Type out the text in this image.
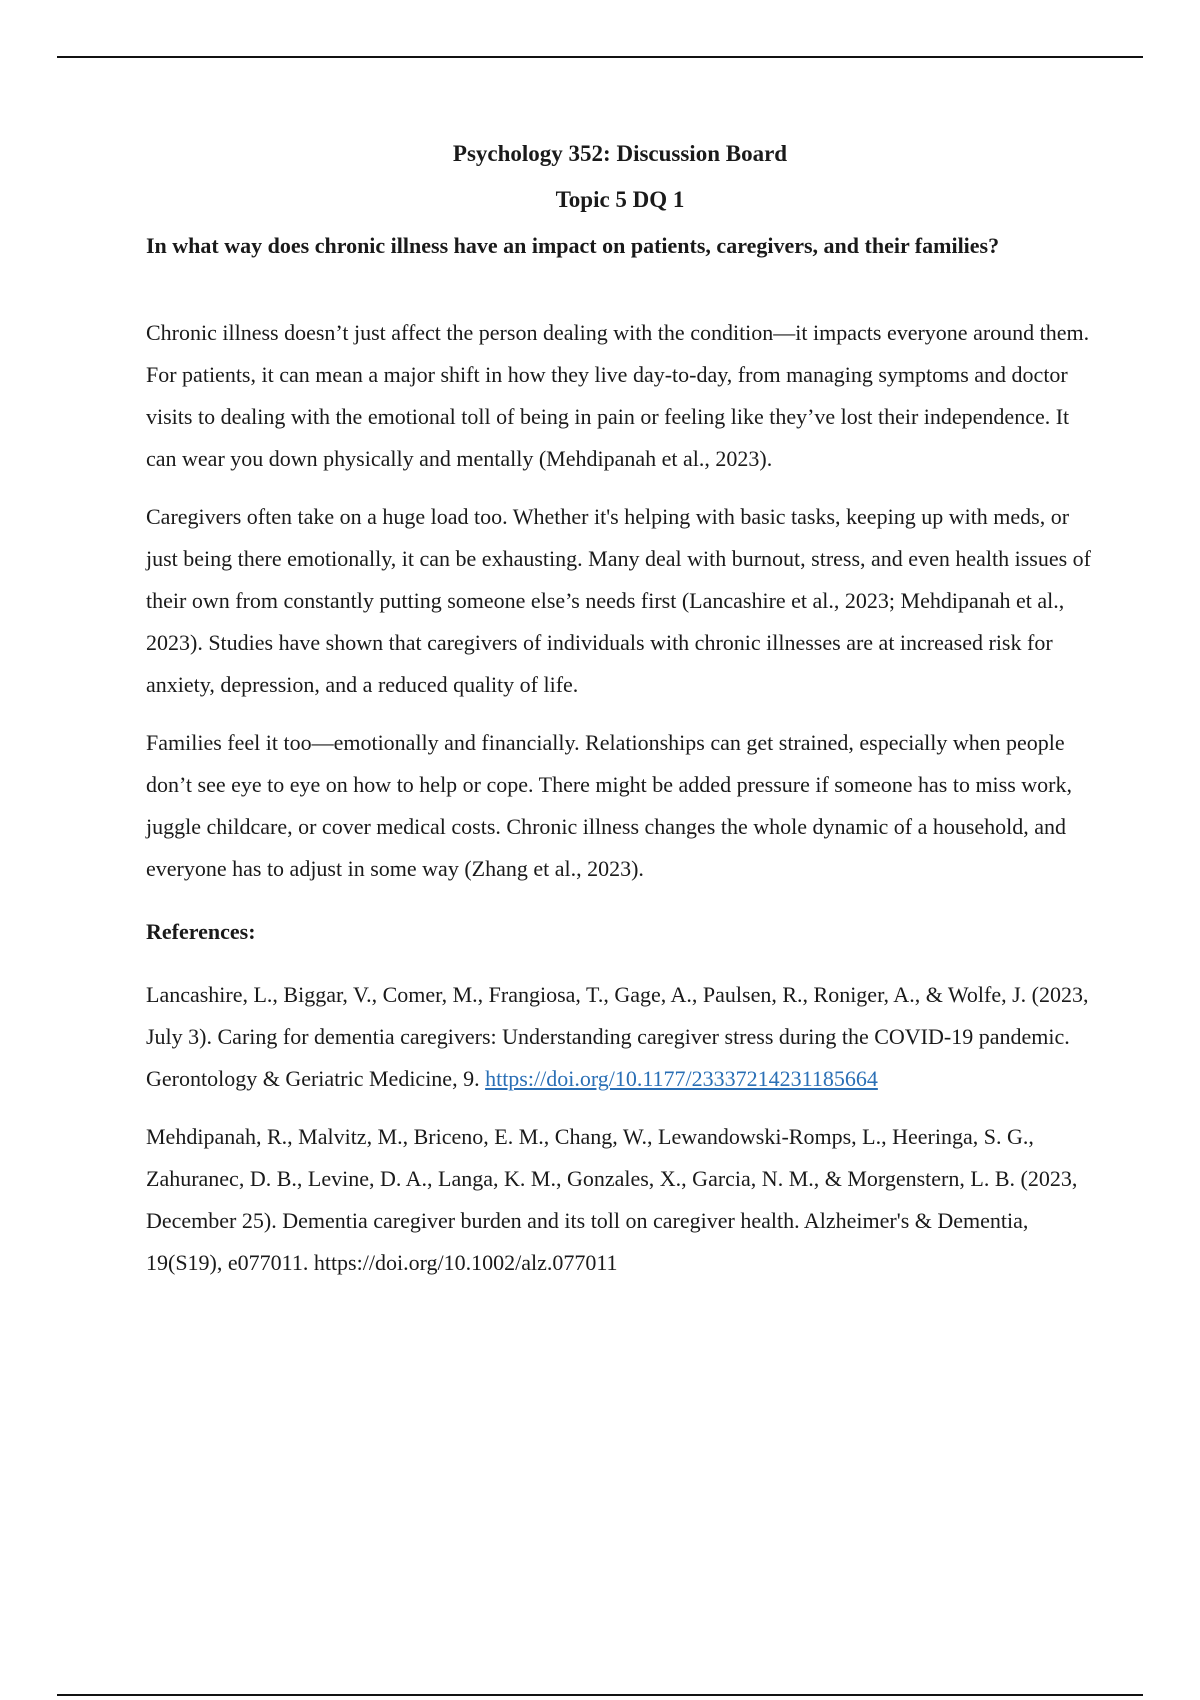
Psychology 352: Discussion Board
Topic 5 DQ 1
In what way does chronic illness have an impact on patients, caregivers, and their families?

Chronic illness doesn’t just affect the person dealing with the condition—it impacts everyone around them. For patients, it can mean a major shift in how they live day-to-day, from managing symptoms and doctor visits to dealing with the emotional toll of being in pain or feeling like they’ve lost their independence. It can wear you down physically and mentally (Mehdipanah et al., 2023).

Caregivers often take on a huge load too. Whether it's helping with basic tasks, keeping up with meds, or just being there emotionally, it can be exhausting. Many deal with burnout, stress, and even health issues of their own from constantly putting someone else’s needs first (Lancashire et al., 2023; Mehdipanah et al., 2023). Studies have shown that caregivers of individuals with chronic illnesses are at increased risk for anxiety, depression, and a reduced quality of life.

Families feel it too—emotionally and financially. Relationships can get strained, especially when people don’t see eye to eye on how to help or cope. There might be added pressure if someone has to miss work, juggle childcare, or cover medical costs. Chronic illness changes the whole dynamic of a household, and everyone has to adjust in some way (Zhang et al., 2023).

References:

Lancashire, L., Biggar, V., Comer, M., Frangiosa, T., Gage, A., Paulsen, R., Roniger, A., & Wolfe, J. (2023, July 3). Caring for dementia caregivers: Understanding caregiver stress during the COVID-19 pandemic. Gerontology & Geriatric Medicine, 9. https://doi.org/10.1177/23337214231185664

Mehdipanah, R., Malvitz, M., Briceno, E. M., Chang, W., Lewandowski-Romps, L., Heeringa, S. G., Zahuranec, D. B., Levine, D. A., Langa, K. M., Gonzales, X., Garcia, N. M., & Morgenstern, L. B. (2023, December 25). Dementia caregiver burden and its toll on caregiver health. Alzheimer's & Dementia, 19(S19), e077011. https://doi.org/10.1002/alz.077011
